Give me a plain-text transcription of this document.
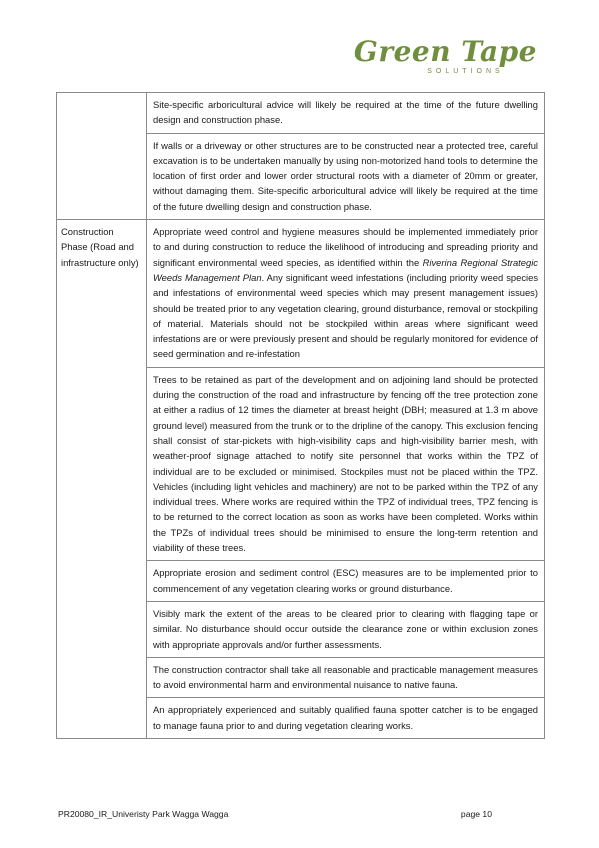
Green Tape
SOLUTIONS
	Site-specific arboricultural advice will likely be required at the time of the future dwelling design and construction phase.
	If walls or a driveway or other structures are to be constructed near a protected tree, careful excavation is to be undertaken manually by using non-motorized hand tools to determine the location of first order and lower order structural roots with a diameter of 20mm or greater, without damaging them. Site-specific arboricultural advice will likely be required at the time of the future dwelling design and construction phase.
Construction Phase (Road and infrastructure only)	Appropriate weed control and hygiene measures should be implemented immediately prior to and during construction to reduce the likelihood of introducing and spreading priority and significant environmental weed species, as identified within the Riverina Regional Strategic Weeds Management Plan. Any significant weed infestations (including priority weed species and infestations of environmental weed species which may present management issues) should be treated prior to any vegetation clearing, ground disturbance, removal or stockpiling of material. Materials should not be stockpiled within areas where significant weed infestations are or were previously present and should be regularly monitored for evidence of seed germination and re-infestation
	Trees to be retained as part of the development and on adjoining land should be protected during the construction of the road and infrastructure by fencing off the tree protection zone at either a radius of 12 times the diameter at breast height (DBH; measured at 1.3 m above ground level) measured from the trunk or to the dripline of the canopy. This exclusion fencing shall consist of star-pickets with high-visibility caps and high-visibility barrier mesh, with weather-proof signage attached to notify site personnel that works within the TPZ of individual are to be excluded or minimised. Stockpiles must not be placed within the TPZ. Vehicles (including light vehicles and machinery) are not to be parked within the TPZ of any individual trees. Where works are required within the TPZ of individual trees, TPZ fencing is to be returned to the correct location as soon as works have been completed. Works within the TPZs of individual trees should be minimised to ensure the long-term retention and viability of these trees.
	Appropriate erosion and sediment control (ESC) measures are to be implemented prior to commencement of any vegetation clearing works or ground disturbance.
	Visibly mark the extent of the areas to be cleared prior to clearing with flagging tape or similar. No disturbance should occur outside the clearance zone or within exclusion zones with appropriate approvals and/or further assessments.
	The construction contractor shall take all reasonable and practicable management measures to avoid environmental harm and environmental nuisance to native fauna.
	An appropriately experienced and suitably qualified fauna spotter catcher is to be engaged to manage fauna prior to and during vegetation clearing works.
PR20080_IR_Univeristy Park Wagga Wagga	page 10
